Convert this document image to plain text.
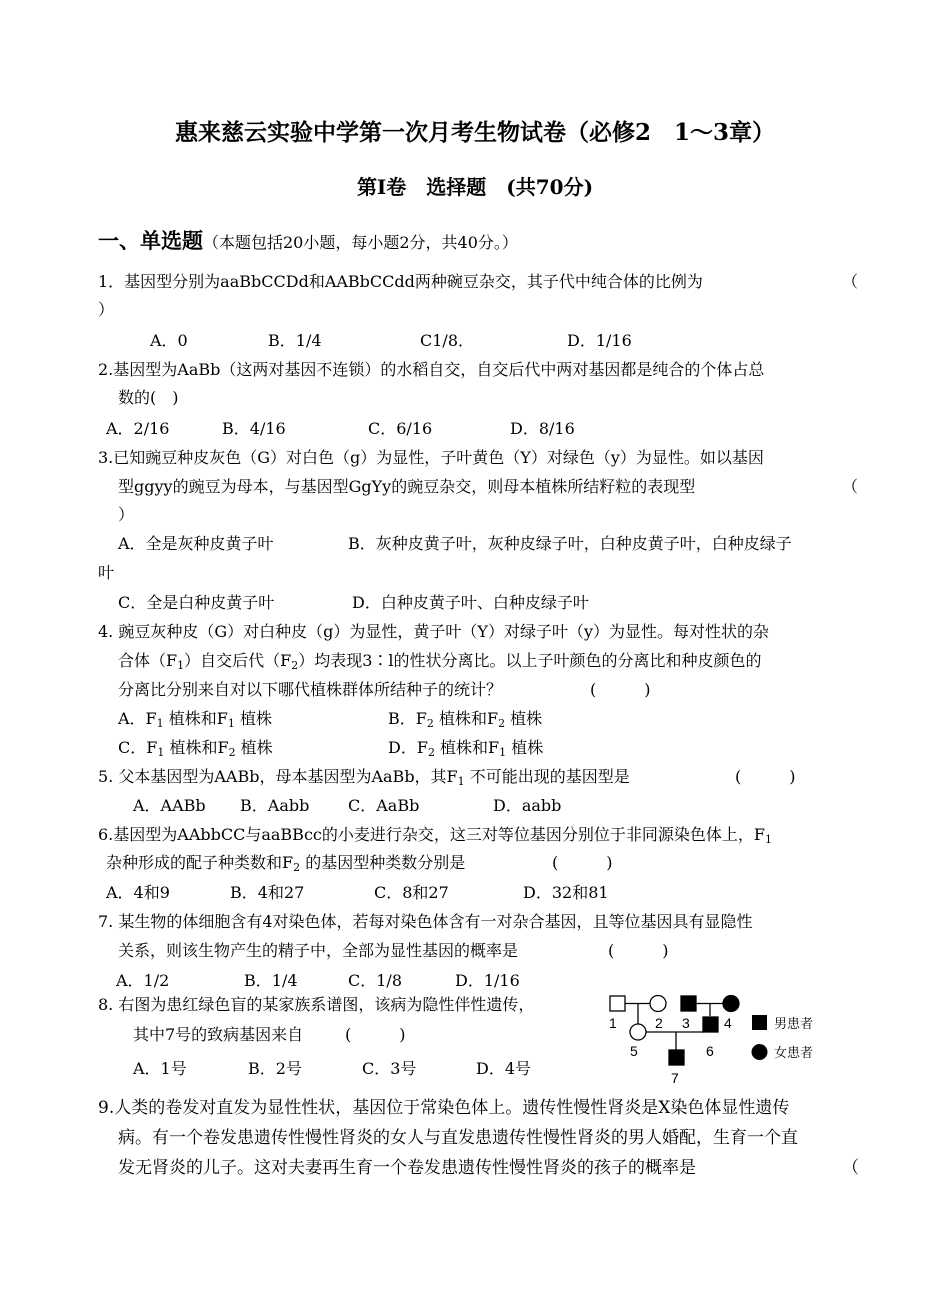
惠来慈云实验中学第一次月考生物试卷（必修2　1～3章）
第Ⅰ卷　选择题　(共70分)
一、单选题（本题包括20小题，每小题2分，共40分。）
1．基因型分别为aaBbCCDd和AABbCCdd两种碗豆杂交，其子代中纯合体的比例为	（
）
A．0	B．1/4	C1/8．	D．1/16
2.基因型为AaBb（这两对基因不连锁）的水稻自交，自交后代中两对基因都是纯合的个体占总
数的(　)
A．2/16	B．4/16	C．6/16	D．8/16
3.已知豌豆种皮灰色（G）对白色（g）为显性，子叶黄色（Y）对绿色（y）为显性。如以基因
型ggyy的豌豆为母本，与基因型GgYy的豌豆杂交，则母本植株所结籽粒的表现型	（
）
A．全是灰种皮黄子叶	B．灰种皮黄子叶，灰种皮绿子叶，白种皮黄子叶，白种皮绿子
叶
C．全是白种皮黄子叶	D．白种皮黄子叶、白种皮绿子叶
4. 豌豆灰种皮（G）对白种皮（g）为显性，黄子叶（Y）对绿子叶（y）为显性。每对性状的杂
合体$(F_1)$自交后代$(F_2)$均表现3∶l的性状分离比。以上子叶颜色的分离比和种皮颜色的
分离比分别来自对以下哪代植株群体所结种子的统计？	(　　　)
A．$F_1$ 植株和$F_1$ 植株	B．$F_2$ 植株和$F_2$ 植株
C．$F_1$ 植株和$F_2$ 植株	D．$F_2$ 植株和$F_1$ 植株
5. 父本基因型为AABb，母本基因型为AaBb，其$F_1$ 不可能出现的基因型是	(　　　)
A．AABb B．Aabb C．AaBb	D．aabb
6.基因型为AAbbCC与aaBBcc的小麦进行杂交，这三对等位基因分别位于非同源染色体上，$F_1$
杂种形成的配子种类数和$F_2$ 的基因型种类数分别是	(　　　)
A．4和9	B．4和27	C．8和27	D．32和81
7. 某生物的体细胞含有4对染色体，若每对染色体含有一对杂合基因，且等位基因具有显隐性
关系，则该生物产生的精子中，全部为显性基因的概率是	(　　　)
A．1/2	B．1/4	C．1/8	D．1/16
8. 右图为患红绿色盲的某家族系谱图，该病为隐性伴性遗传，
其中7号的致病基因来自	(　　　)
A．1号	B．2号	C．3号	D．4号
1	2 3 4
5	6
7
男患者
女患者
9.人类的卷发对直发为显性性状，基因位于常染色体上。遗传性慢性肾炎是X染色体显性遗传
病。有一个卷发患遗传性慢性肾炎的女人与直发患遗传性慢性肾炎的男人婚配，生育一个直
发无肾炎的儿子。这对夫妻再生育一个卷发患遗传性慢性肾炎的孩子的概率是	（
